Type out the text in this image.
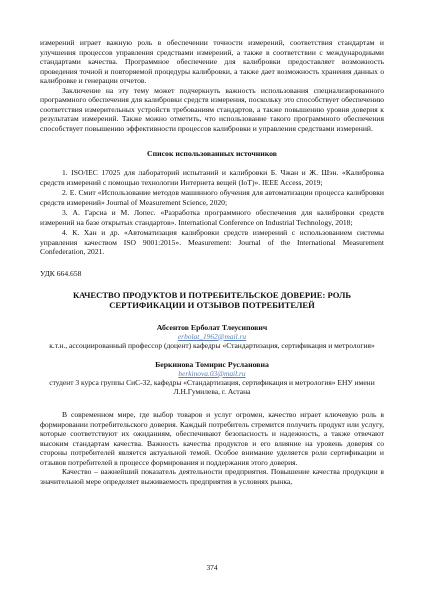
измерений играет важную роль в обеспечении точности измерений, соответствия стандартам и улучшения процессов управления средствами измерений, а также в соответствии с международными стандартами качества. Программное обеспечение для калибровки предоставляет возможность проведения точной и повторяемой процедуры калибровки, а также дает возможность хранения данных о калибровке и генерации отчетов.

Заключение на эту тему может подчеркнуть важность использования специализированного программного обеспечения для калибровки средств измерения, поскольку это способствует обеспечению соответствия измерительных устройств требованиям стандартов, а также повышению уровня доверия к результатам измерений. Также можно отметить, что использование такого программного обеспечения способствует повышению эффективности процессов калибровки и управления средствами измерений.

Список использованных источников

1. ISO/IEC 17025 для лабораторий испытаний и калибровки Б. Чжан и Ж. Шэн. «Калибровка средств измерений с помощью технологии Интернета вещей (IoT)». IEEE Access, 2019;

2. Е. Смит «Использование методов машинного обучения для автоматизации процесса калибровки средств измерений» Journal of Measurement Science, 2020;

3. А. Гарсиа и М. Лопес. «Разработка программного обеспечения для калибровки средств измерений на базе открытых стандартов». International Conference on Industrial Technology, 2018;

4. К. Хан и др. «Автоматизация калибровки средств измерений с использованием системы управления качеством ISO 9001:2015». Measurement: Journal of the International Measurement Confederation, 2021.

УДК 664.658

КАЧЕСТВО ПРОДУКТОВ И ПОТРЕБИТЕЛЬСКОЕ ДОВЕРИЕ: РОЛЬ СЕРТИФИКАЦИИ И ОТЗЫВОВ ПОТРЕБИТЕЛЕЙ

Абсентов Ерболат Тлеусипович

erbolat_1962@mail.ru

к.т.н., ассоциированный профессор (доцент) кафедры «Стандартизация, сертификация и метрология»

Беркинова Томирис Руслановна

berkinova.03@mail.ru

студент 3 курса группы СиС-32, кафедры «Стандартизация, сертификация и метрология» ЕНУ имени Л.Н.Гумилева, г. Астана

В современном мире, где выбор товаров и услуг огромен, качество играет ключевую роль в формировании потребительского доверия. Каждый потребитель стремится получить продукт или услугу, которые соответствуют их ожиданиям, обеспечивают безопасность и надежность, а также отвечают высоким стандартам качества. Важность качества продуктов и его влияние на уровень доверия со стороны потребителей является актуальной темой. Особое внимание уделяется роли сертификации и отзывов потребителей в процессе формирования и поддержания этого доверия.

Качество – важнейший показатель деятельности предприятия. Повышение качества продукции в значительной мере определяет выживаемость предприятия в условиях рынка,

374
